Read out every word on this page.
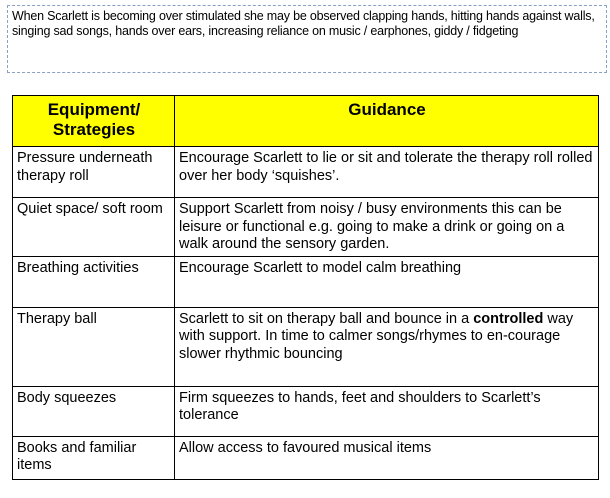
When Scarlett is becoming over stimulated she may be observed clapping hands, hitting hands against walls, singing sad songs, hands over ears, increasing reliance on music / earphones, giddy / fidgeting
Equipment/ Strategies	Guidance
Pressure underneath therapy roll	Encourage Scarlett to lie or sit and tolerate the therapy roll rolled over her body ‘squishes’.
Quiet space/ soft room	Support Scarlett from noisy / busy environments this can be leisure or functional e.g. going to make a drink or going on a walk around the sensory garden.
Breathing activities	Encourage Scarlett to model calm breathing
Therapy ball	Scarlett to sit on therapy ball and bounce in a controlled way with support. In time to calmer songs/rhymes to en-courage slower rhythmic bouncing
Body squeezes	Firm squeezes to hands, feet and shoulders to Scarlett’s tolerance
Books and familiar items	Allow access to favoured musical items
